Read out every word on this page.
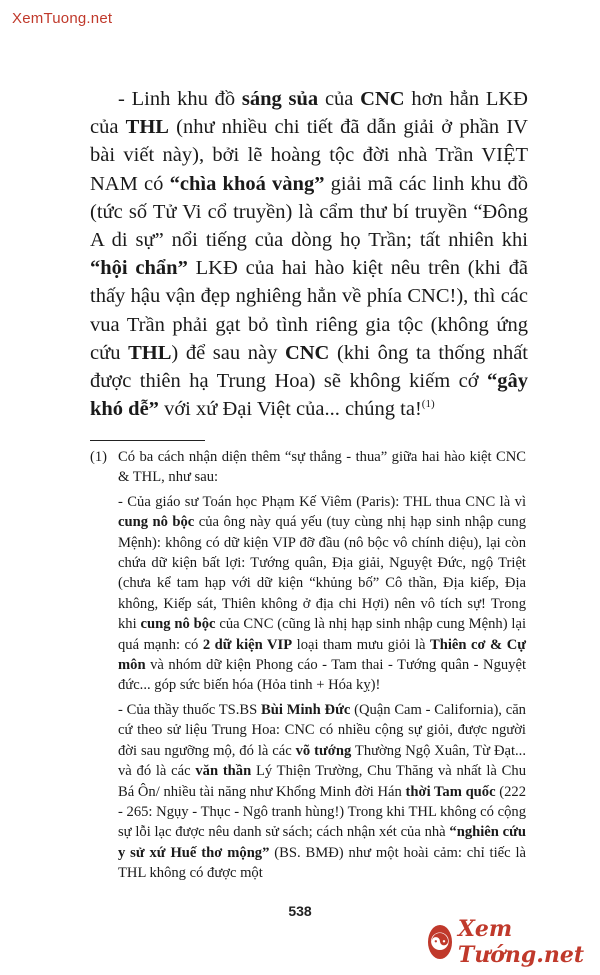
XemTuong.net

- Linh khu đồ sáng sủa của CNC hơn hẳn LKĐ của THL (như nhiều chi tiết đã dẫn giải ở phần IV bài viết này), bởi lẽ hoàng tộc đời nhà Trần VIỆT NAM có “chìa khoá vàng” giải mã các linh khu đồ (tức số Tử Vi cổ truyền) là cẩm thư bí truyền “Đông A di sự” nổi tiếng của dòng họ Trần; tất nhiên khi “hội chẩn” LKĐ của hai hào kiệt nêu trên (khi đã thấy hậu vận đẹp nghiêng hẳn về phía CNC!), thì các vua Trần phải gạt bỏ tình riêng gia tộc (không ứng cứu THL) để sau này CNC (khi ông ta thống nhất được thiên hạ Trung Hoa) sẽ không kiếm cớ “gây khó dễ” với xứ Đại Việt của... chúng ta!$^{(1)}$

(1) Có ba cách nhận diện thêm “sự thắng - thua” giữa hai hào kiệt CNC & THL, như sau:
- Của giáo sư Toán học Phạm Kế Viêm (Paris): THL thua CNC là vì cung nô bộc của ông này quá yếu (tuy cùng nhị hạp sinh nhập cung Mệnh): không có dữ kiện VIP đỡ đầu (nô bộc vô chính diệu), lại còn chứa dữ kiện bất lợi: Tướng quân, Địa giải, Nguyệt Đức, ngộ Triệt (chưa kể tam hạp với dữ kiện “khủng bố” Cô thần, Địa kiếp, Địa không, Kiếp sát, Thiên không ở địa chi Hợi) nên vô tích sự! Trong khi cung nô bộc của CNC (cũng là nhị hạp sinh nhập cung Mệnh) lại quá mạnh: có 2 dữ kiện VIP loại tham mưu giỏi là Thiên cơ & Cự môn và nhóm dữ kiện Phong cáo - Tam thai - Tướng quân - Nguyệt đức... góp sức biến hóa (Hỏa tinh + Hóa kỵ)!
- Của thầy thuốc TS.BS Bùi Minh Đức (Quận Cam - California), căn cứ theo sử liệu Trung Hoa: CNC có nhiều cộng sự giỏi, được người đời sau ngưỡng mộ, đó là các võ tướng Thường Ngộ Xuân, Từ Đạt... và đó là các văn thần Lý Thiện Trường, Chu Thăng và nhất là Chu Bá Ôn/ nhiều tài năng như Khổng Minh đời Hán thời Tam quốc (222 - 265: Ngụy - Thục - Ngô tranh hùng!) Trong khi THL không có cộng sự lỗi lạc được nêu danh sử sách; cách nhận xét của nhà “nghiên cứu y sử xứ Huế thơ mộng” (BS. BMĐ) như một hoài cảm: chỉ tiếc là THL không có được một
538
☯ Xem Tướng.net
